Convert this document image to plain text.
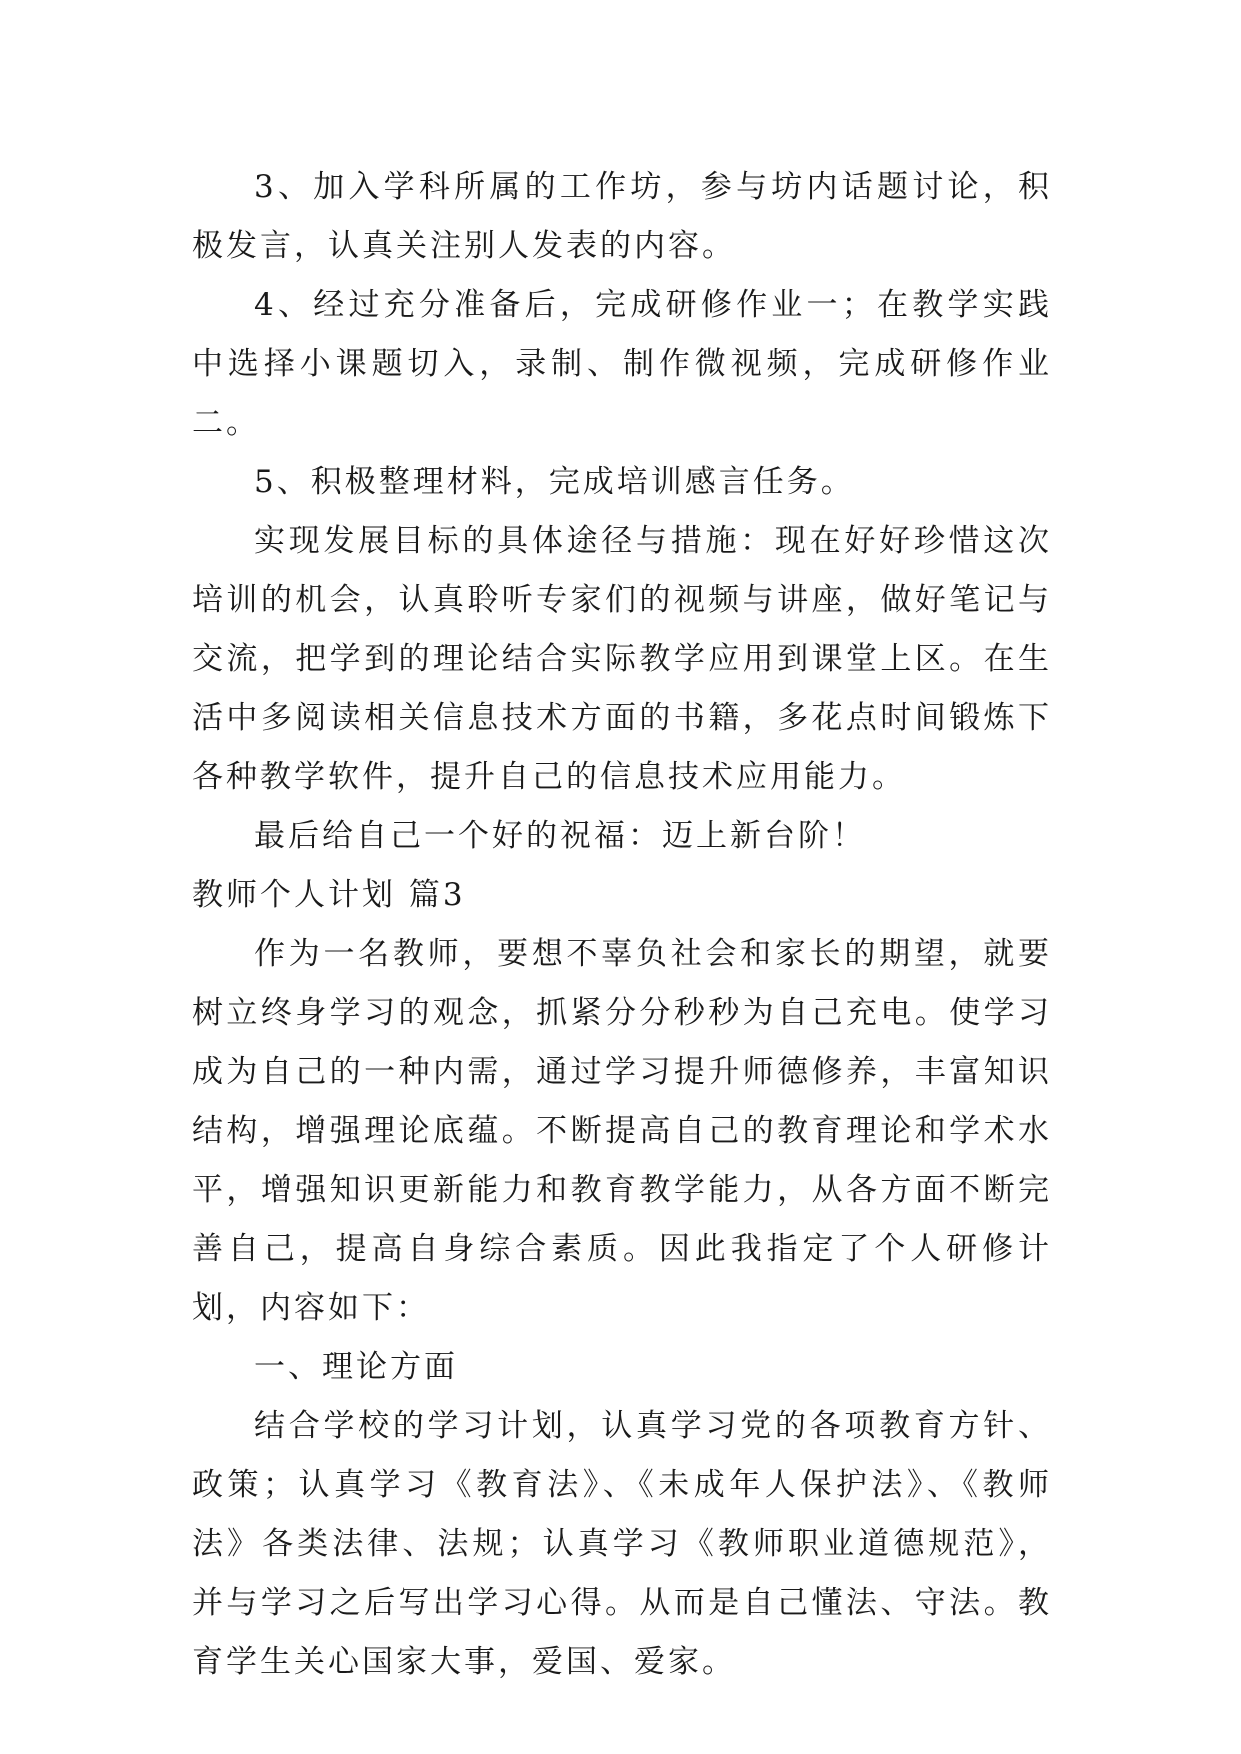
3、加入学科所属的工作坊，参与坊内话题讨论，积极发言，认真关注别人发表的内容。

4、经过充分准备后，完成研修作业一；在教学实践中选择小课题切入，录制、制作微视频，完成研修作业二。

5、积极整理材料，完成培训感言任务。

实现发展目标的具体途径与措施：现在好好珍惜这次培训的机会，认真聆听专家们的视频与讲座，做好笔记与交流，把学到的理论结合实际教学应用到课堂上区。在生活中多阅读相关信息技术方面的书籍，多花点时间锻炼下各种教学软件，提升自己的信息技术应用能力。

最后给自己一个好的祝福：迈上新台阶！

教师个人计划 篇3

作为一名教师，要想不辜负社会和家长的期望，就要树立终身学习的观念，抓紧分分秒秒为自己充电。使学习成为自己的一种内需，通过学习提升师德修养，丰富知识结构，增强理论底蕴。不断提高自己的教育理论和学术水平，增强知识更新能力和教育教学能力，从各方面不断完善自己，提高自身综合素质。因此我指定了个人研修计划，内容如下：

一、理论方面

结合学校的学习计划，认真学习党的各项教育方针、政策；认真学习《教育法》、《未成年人保护法》、《教师法》各类法律、法规；认真学习《教师职业道德规范》，并与学习之后写出学习心得。从而是自己懂法、守法。教育学生关心国家大事，爱国、爱家。
